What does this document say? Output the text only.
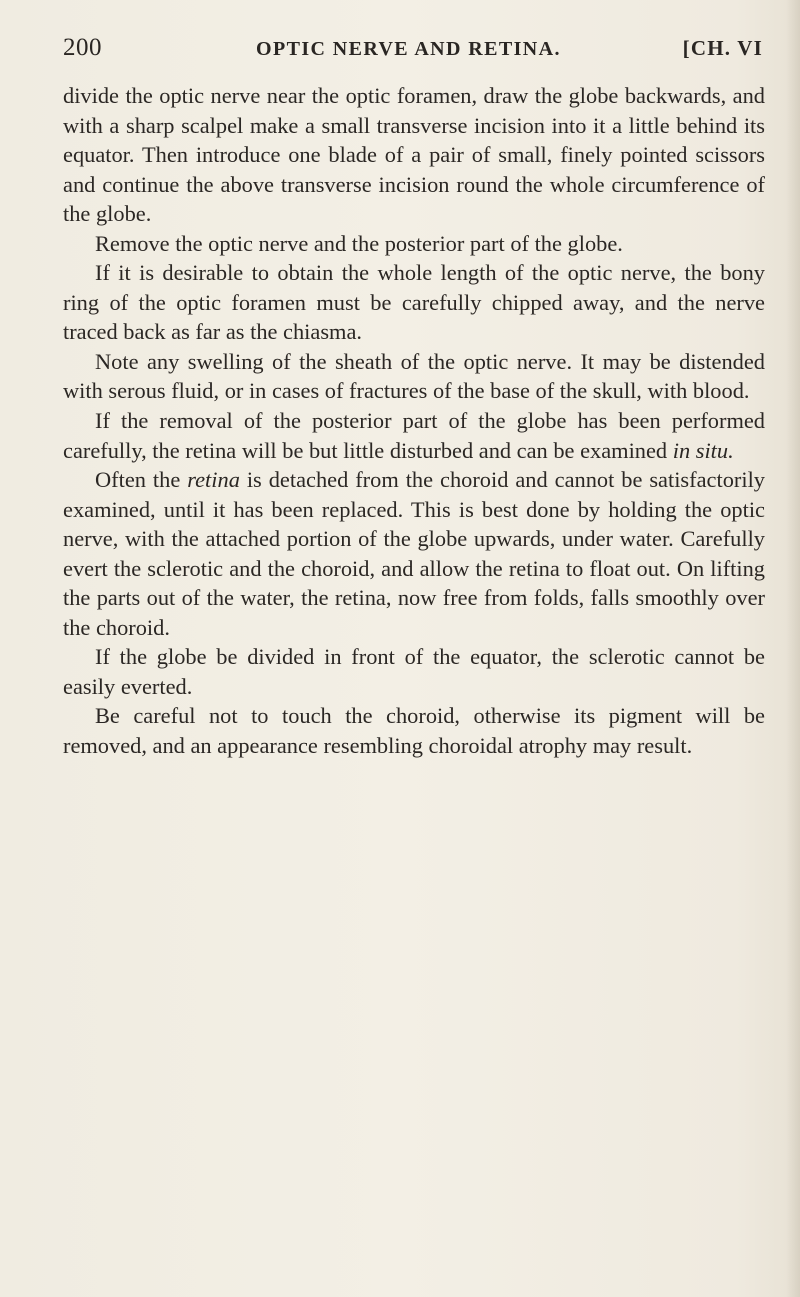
200	OPTIC NERVE AND RETINA.	[CH. VI

divide the optic nerve near the optic foramen, draw the globe backwards, and with a sharp scalpel make a small transverse incision into it a little behind its equator. Then introduce one blade of a pair of small, finely pointed scissors and continue the above transverse incision round the whole circumference of the globe.

Remove the optic nerve and the posterior part of the globe.

If it is desirable to obtain the whole length of the optic nerve, the bony ring of the optic foramen must be carefully chipped away, and the nerve traced back as far as the chiasma.

Note any swelling of the sheath of the optic nerve. It may be distended with serous fluid, or in cases of fractures of the base of the skull, with blood.

If the removal of the posterior part of the globe has been performed carefully, the retina will be but little disturbed and can be examined in situ.

Often the retina is detached from the choroid and cannot be satisfactorily examined, until it has been replaced. This is best done by holding the optic nerve, with the attached portion of the globe upwards, under water. Carefully evert the sclerotic and the choroid, and allow the retina to float out. On lifting the parts out of the water, the retina, now free from folds, falls smoothly over the choroid.

If the globe be divided in front of the equator, the sclerotic cannot be easily everted.

Be careful not to touch the choroid, otherwise its pigment will be removed, and an appearance resembling choroidal atrophy may result.
